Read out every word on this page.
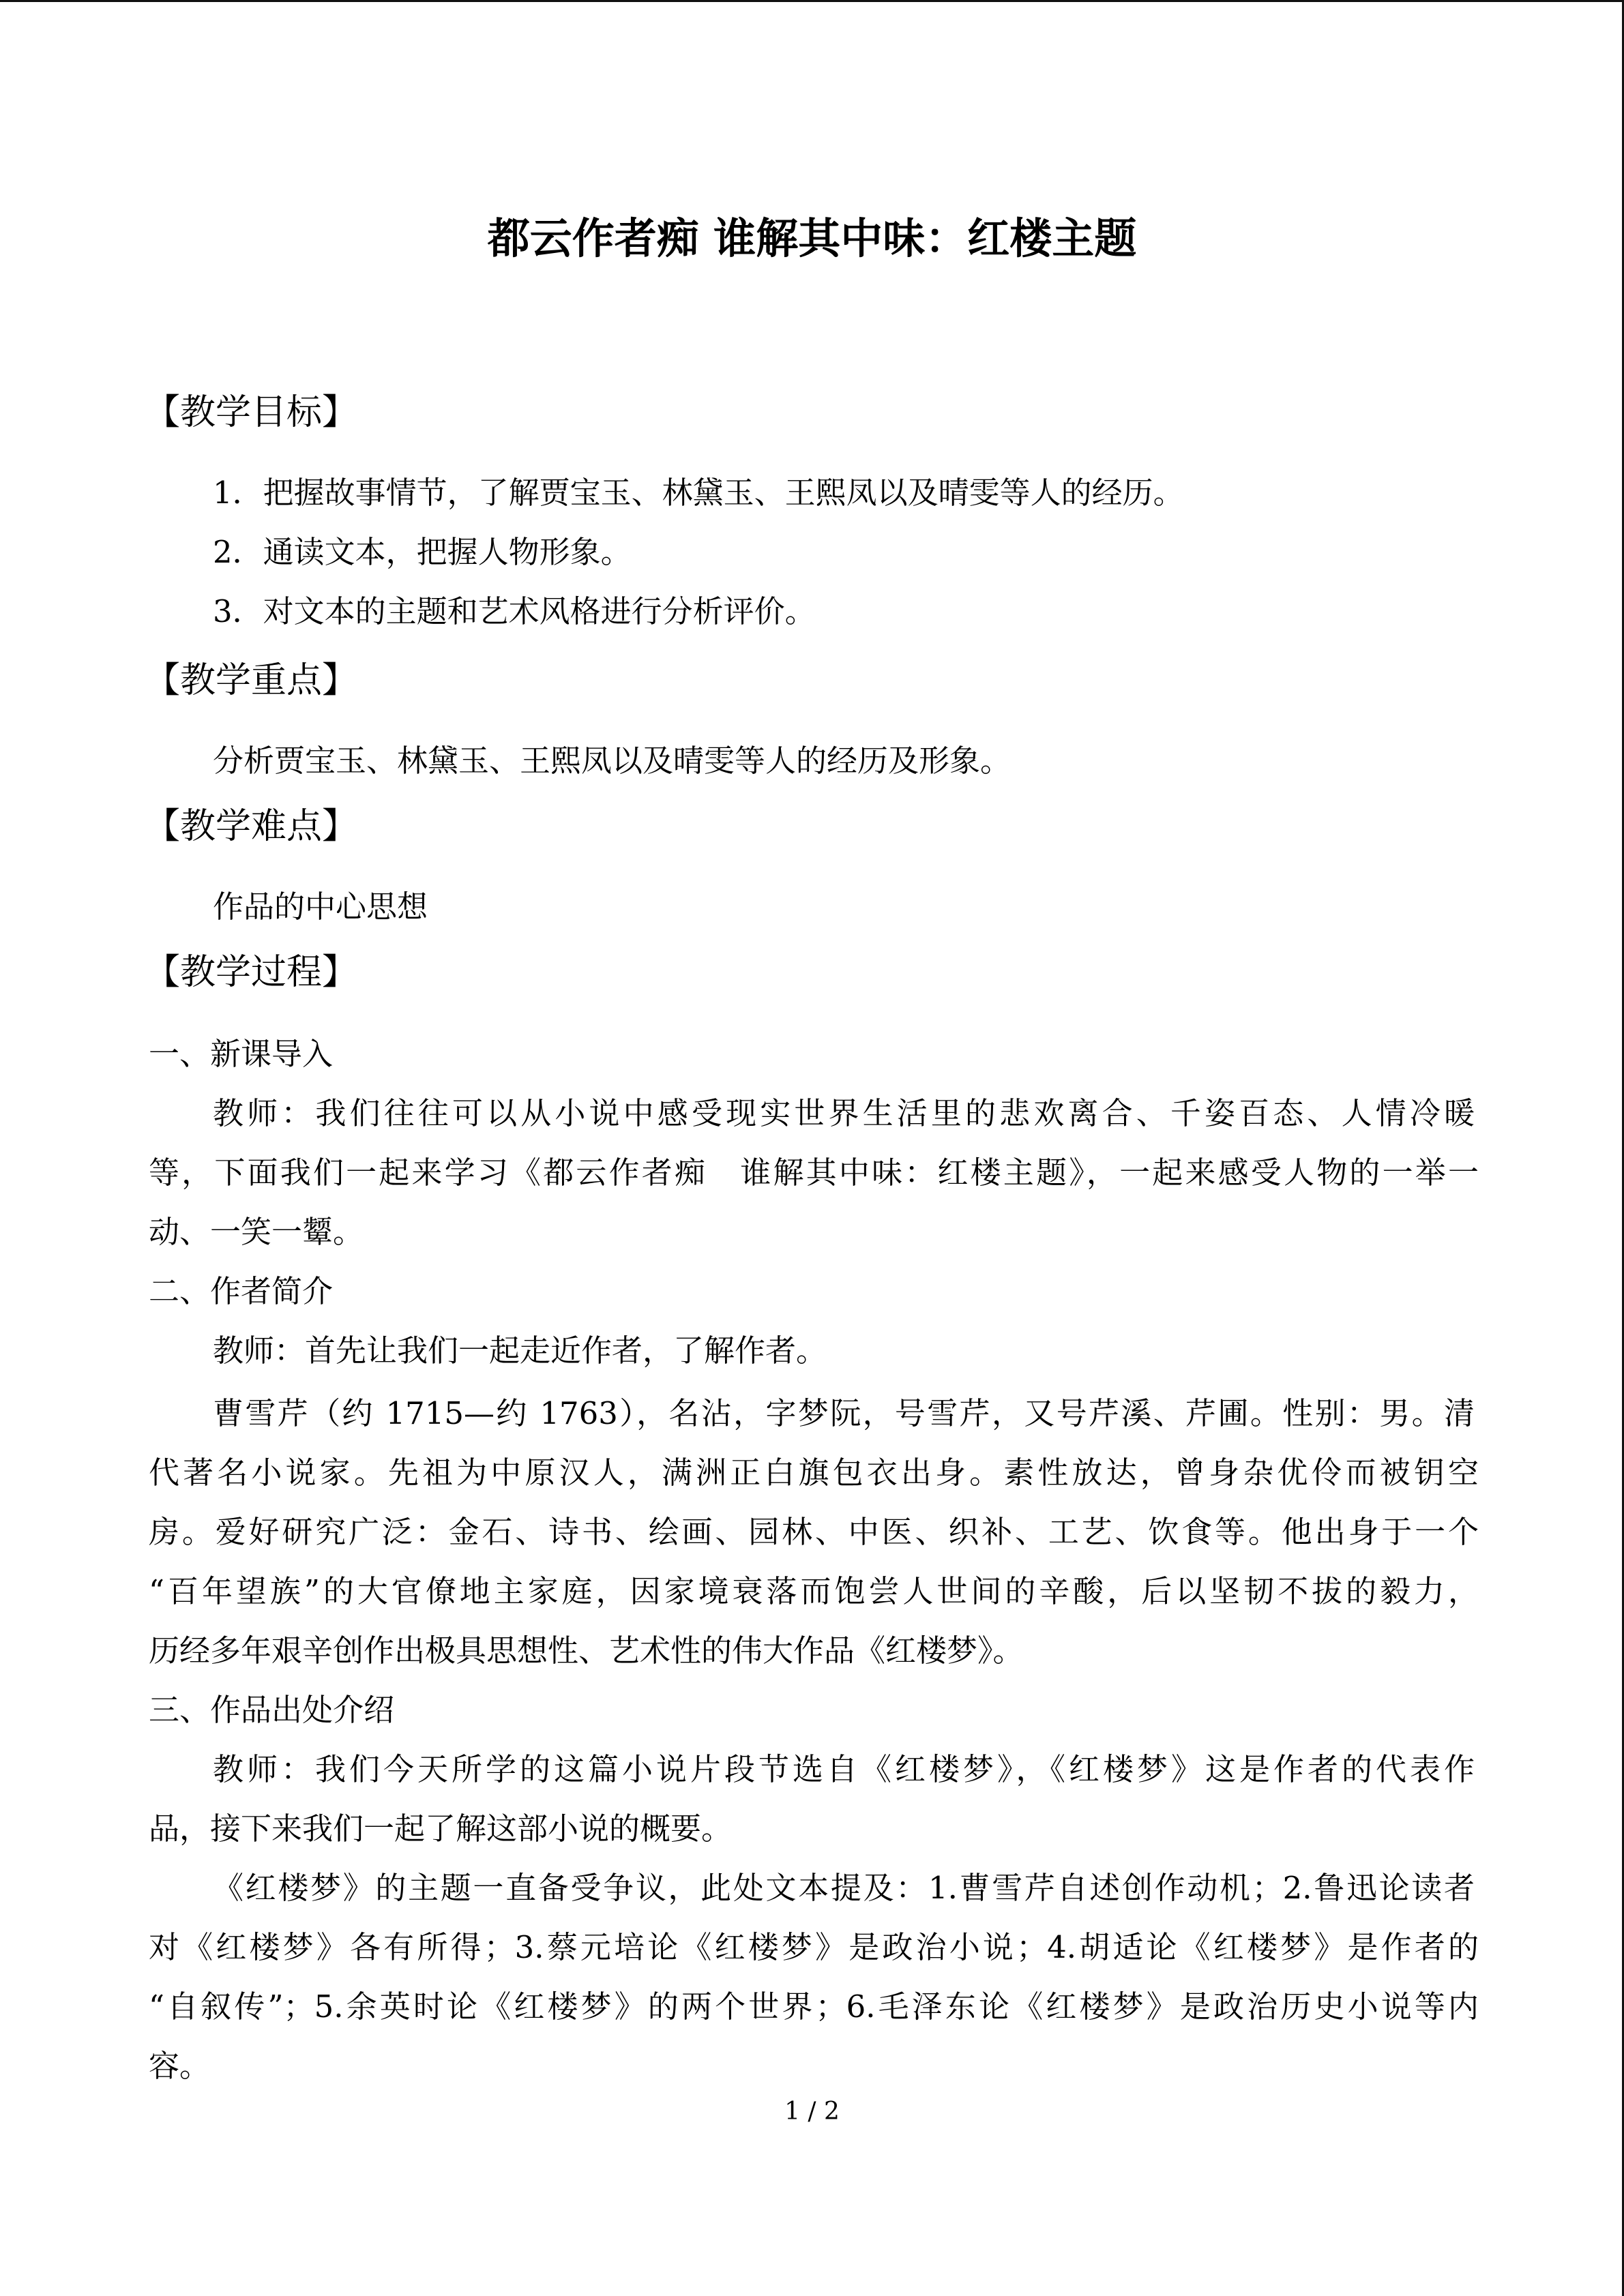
都云作者痴 谁解其中味：红楼主题
【教学目标】
1．把握故事情节，了解贾宝玉、林黛玉、王熙凤以及晴雯等人的经历。
2．通读文本，把握人物形象。
3．对文本的主题和艺术风格进行分析评价。
【教学重点】
分析贾宝玉、林黛玉、王熙凤以及晴雯等人的经历及形象。
【教学难点】
作品的中心思想
【教学过程】
一、新课导入
教师：我们往往可以从小说中感受现实世界生活里的悲欢离合、千姿百态、人情冷暖
等，下面我们一起来学习《都云作者痴　谁解其中味：红楼主题》，一起来感受人物的一举一
动、一笑一颦。
二、作者简介
教师：首先让我们一起走近作者，了解作者。
曹雪芹（约 1715—约 1763），名沾，字梦阮，号雪芹，又号芹溪、芹圃。性别：男。清
代著名小说家。先祖为中原汉人，满洲正白旗包衣出身。素性放达，曾身杂优伶而被钥空
房。爱好研究广泛：金石、诗书、绘画、园林、中医、织补、工艺、饮食等。他出身于一个
“百年望族”的大官僚地主家庭，因家境衰落而饱尝人世间的辛酸，后以坚韧不拔的毅力，
历经多年艰辛创作出极具思想性、艺术性的伟大作品《红楼梦》。
三、作品出处介绍
教师：我们今天所学的这篇小说片段节选自《红楼梦》，《红楼梦》这是作者的代表作
品，接下来我们一起了解这部小说的概要。
《红楼梦》的主题一直备受争议，此处文本提及：1.曹雪芹自述创作动机；2.鲁迅论读者
对《红楼梦》各有所得；3.蔡元培论《红楼梦》是政治小说；4.胡适论《红楼梦》是作者的
“自叙传”；5.余英时论《红楼梦》的两个世界；6.毛泽东论《红楼梦》是政治历史小说等内
容。
1 / 2
